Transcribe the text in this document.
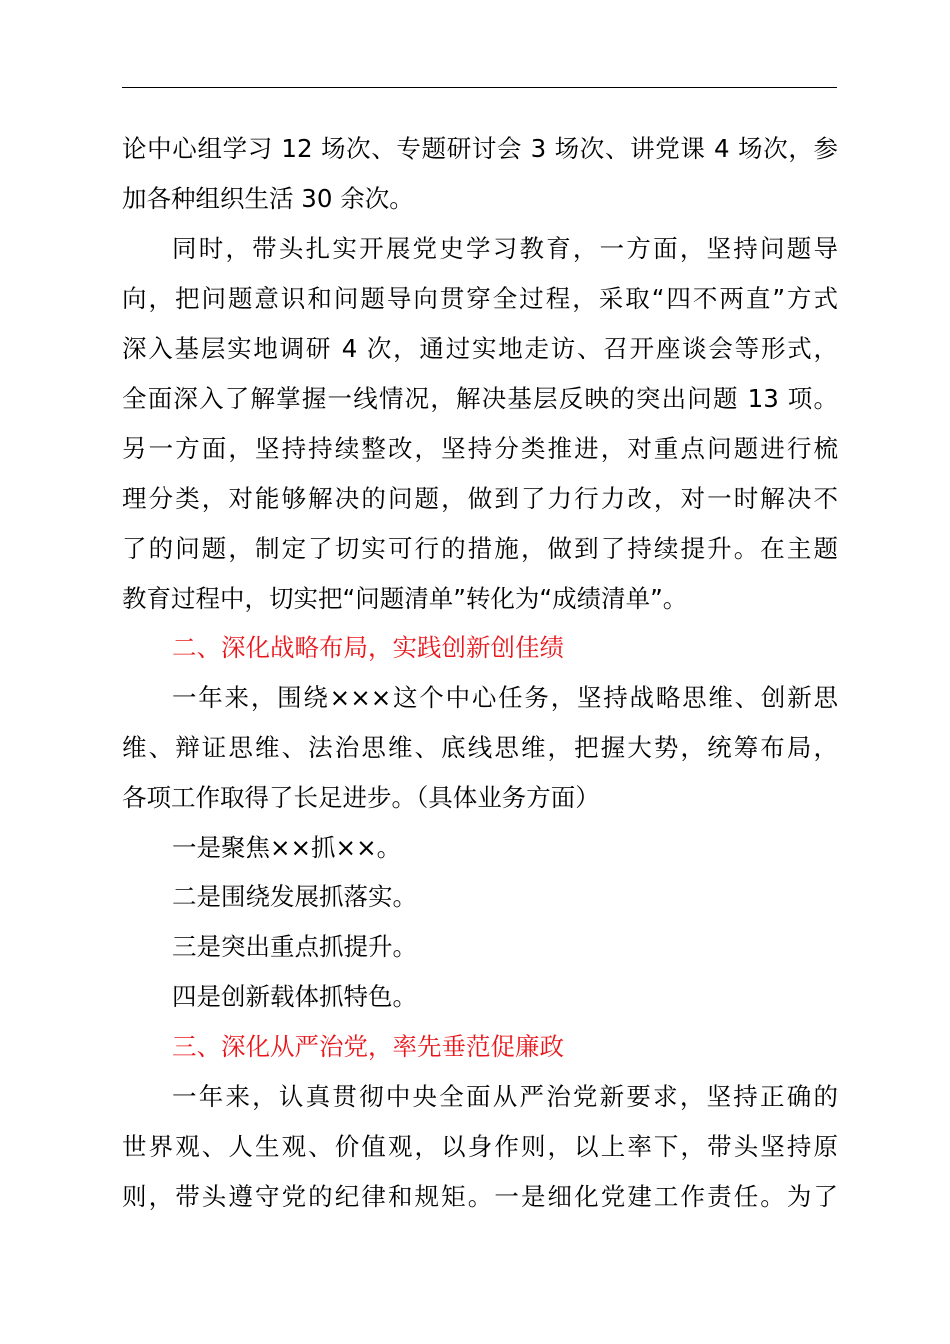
论中心组学习 12 场次、专题研讨会 3 场次、讲党课 4 场次，参
加各种组织生活 30 余次。
同时，带头扎实开展党史学习教育，一方面，坚持问题导
向，把问题意识和问题导向贯穿全过程，采取“四不两直”方式
深入基层实地调研 4 次，通过实地走访、召开座谈会等形式，
全面深入了解掌握一线情况，解决基层反映的突出问题 13 项。
另一方面，坚持持续整改，坚持分类推进，对重点问题进行梳
理分类，对能够解决的问题，做到了力行力改，对一时解决不
了的问题，制定了切实可行的措施，做到了持续提升。在主题
教育过程中，切实把“问题清单”转化为“成绩清单”。
二、深化战略布局，实践创新创佳绩
一年来，围绕×××这个中心任务，坚持战略思维、创新思
维、辩证思维、法治思维、底线思维，把握大势，统筹布局，
各项工作取得了长足进步。（具体业务方面）
一是聚焦××抓××。
二是围绕发展抓落实。
三是突出重点抓提升。
四是创新载体抓特色。
三、深化从严治党，率先垂范促廉政
一年来，认真贯彻中央全面从严治党新要求，坚持正确的
世界观、人生观、价值观，以身作则，以上率下，带头坚持原
则，带头遵守党的纪律和规矩。一是细化党建工作责任。为了
